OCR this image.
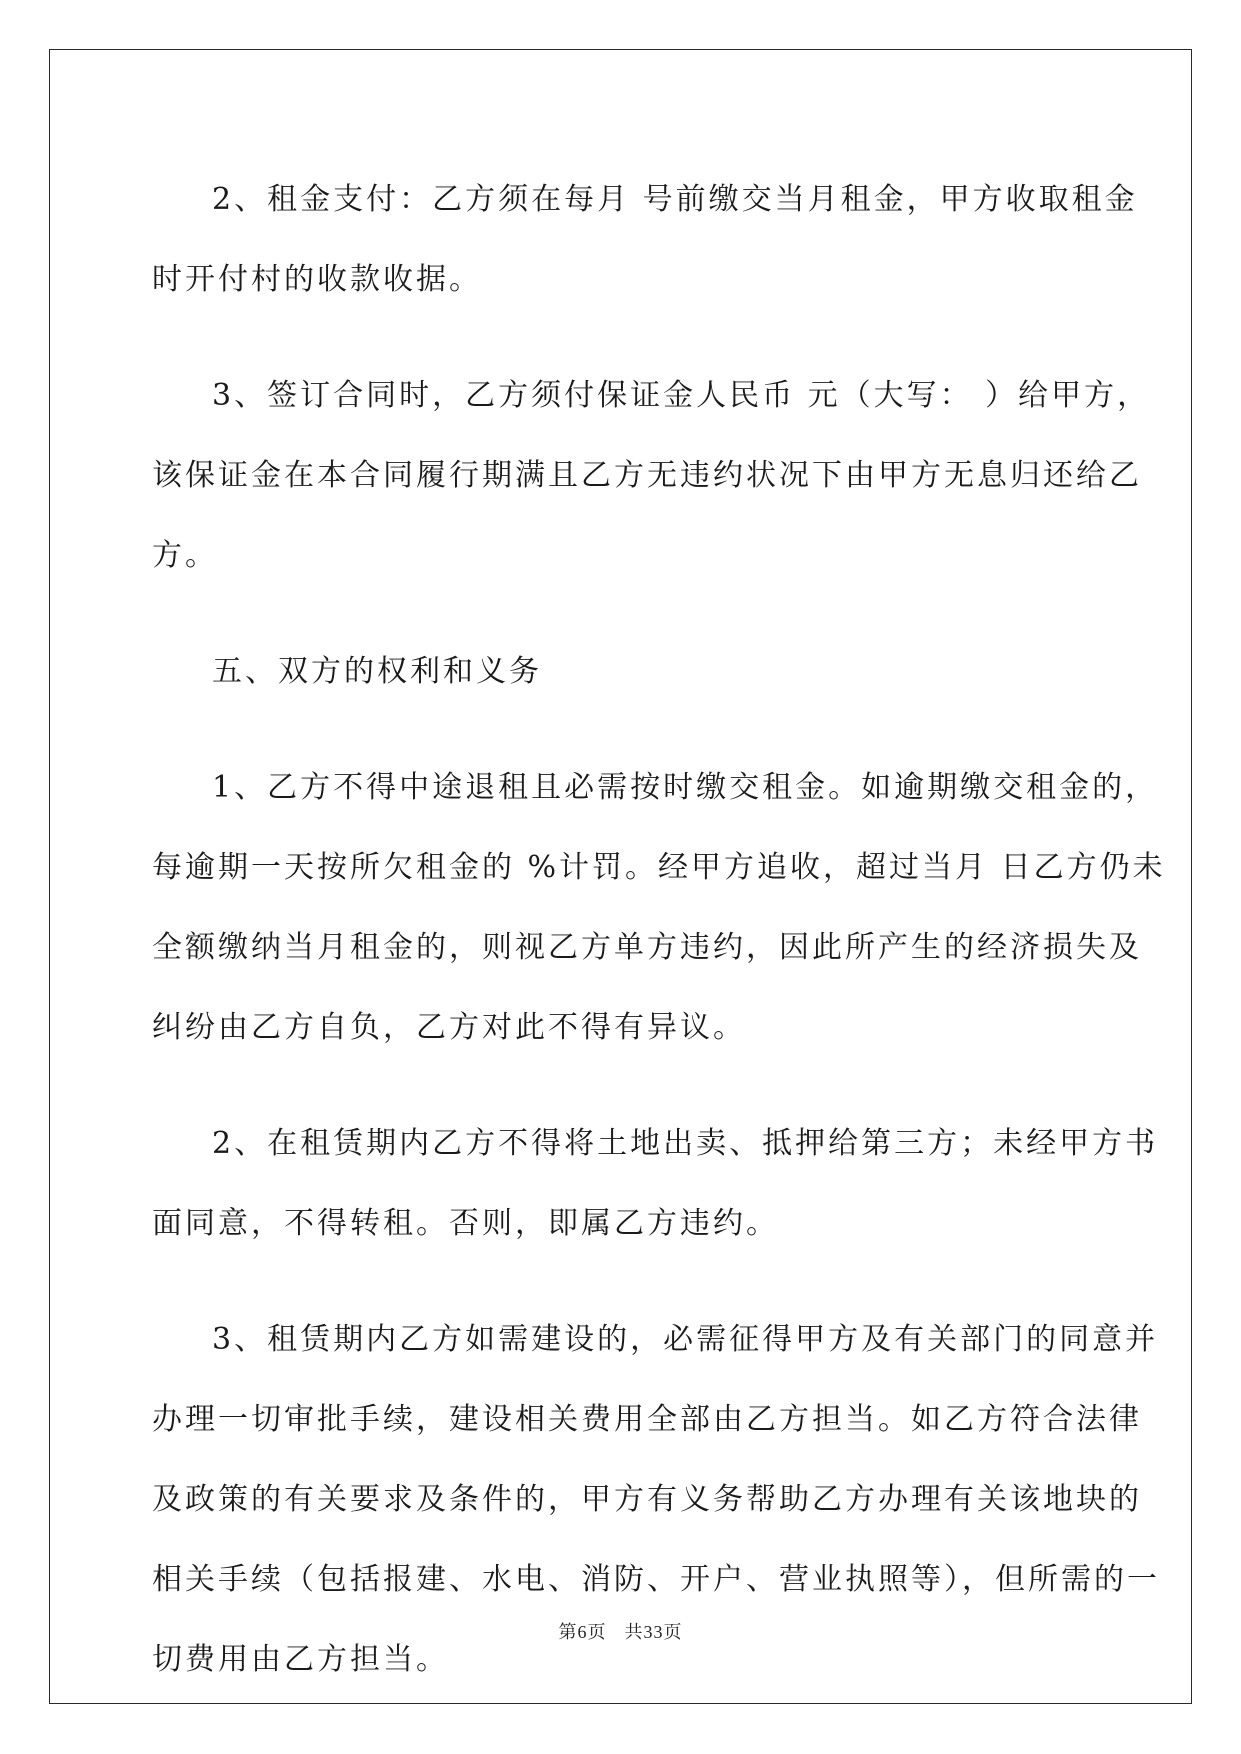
2、租金支付：乙方须在每月 号前缴交当月租金，甲方收取租金
时开付村的收款收据。

3、签订合同时，乙方须付保证金人民币 元（大写： ）给甲方，
该保证金在本合同履行期满且乙方无违约状况下由甲方无息归还给乙
方。

五、双方的权利和义务

1、乙方不得中途退租且必需按时缴交租金。如逾期缴交租金的，
每逾期一天按所欠租金的 %计罚。经甲方追收，超过当月 日乙方仍未
全额缴纳当月租金的，则视乙方单方违约，因此所产生的经济损失及
纠纷由乙方自负，乙方对此不得有异议。

2、在租赁期内乙方不得将土地出卖、抵押给第三方；未经甲方书
面同意，不得转租。否则，即属乙方违约。

3、租赁期内乙方如需建设的，必需征得甲方及有关部门的同意并
办理一切审批手续，建设相关费用全部由乙方担当。如乙方符合法律
及政策的有关要求及条件的，甲方有义务帮助乙方办理有关该地块的
相关手续（包括报建、水电、消防、开户、营业执照等），但所需的一
切费用由乙方担当。

第6页 共33页
